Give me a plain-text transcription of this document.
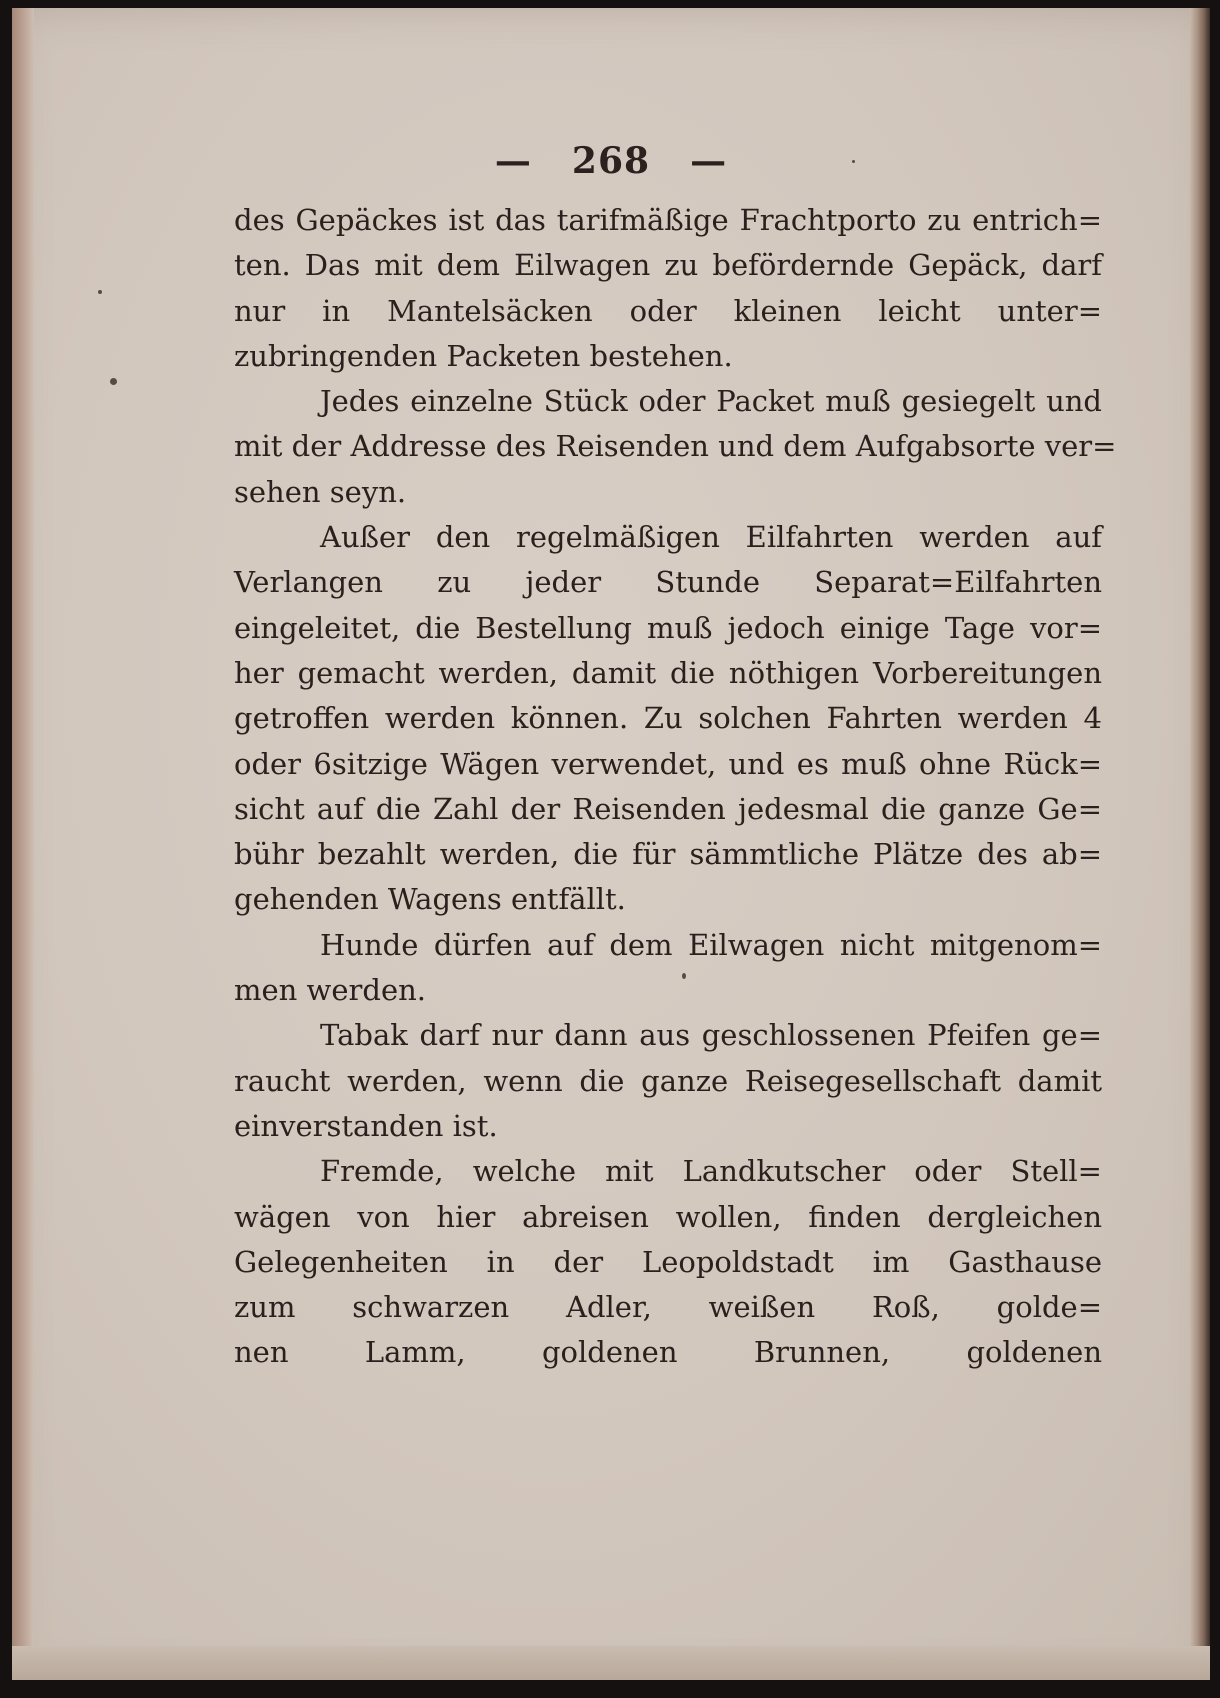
— 268 —
des Gepäckes ist das tarifmäßige Frachtporto zu entrich=
ten. Das mit dem Eilwagen zu befördernde Gepäck, darf
nur in Mantelsäcken oder kleinen leicht unter=
zubringenden Packeten bestehen.
Jedes einzelne Stück oder Packet muß gesiegelt und
mit der Addresse des Reisenden und dem Aufgabsorte ver=
sehen seyn.
Außer den regelmäßigen Eilfahrten werden auf
Verlangen zu jeder Stunde Separat=Eilfahrten
eingeleitet, die Bestellung muß jedoch einige Tage vor=
her gemacht werden, damit die nöthigen Vorbereitungen
getroffen werden können. Zu solchen Fahrten werden 4
oder 6sitzige Wägen verwendet, und es muß ohne Rück=
sicht auf die Zahl der Reisenden jedesmal die ganze Ge=
bühr bezahlt werden, die für sämmtliche Plätze des ab=
gehenden Wagens entfällt.
Hunde dürfen auf dem Eilwagen nicht mitgenom=
men werden.
Tabak darf nur dann aus geschlossenen Pfeifen ge=
raucht werden, wenn die ganze Reisegesellschaft damit
einverstanden ist.
Fremde, welche mit Landkutscher oder Stell=
wägen von hier abreisen wollen, finden dergleichen
Gelegenheiten in der Leopoldstadt im Gasthause
zum schwarzen Adler, weißen Roß, golde=
nen Lamm, goldenen Brunnen, goldenen
